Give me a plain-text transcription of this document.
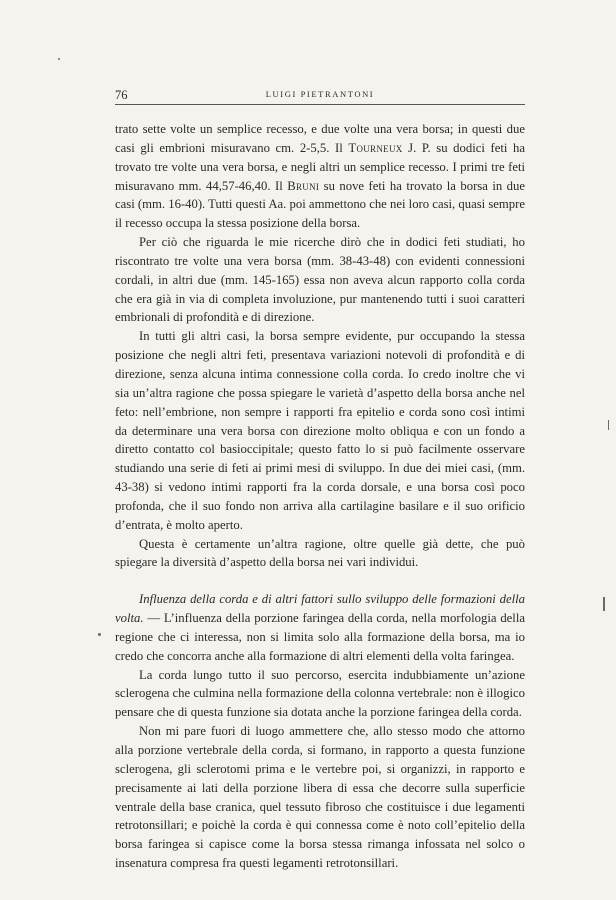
76	LUIGI PIETRANTONI

trato sette volte un semplice recesso, e due volte una vera borsa; in questi due casi gli embrioni misuravano cm. 2-5,5. Il Tourneux J. P. su dodici feti ha trovato tre volte una vera borsa, e negli altri un semplice recesso. I primi tre feti misuravano mm. 44,57-46,40. Il Bruni su nove feti ha trovato la borsa in due casi (mm. 16-40). Tutti questi Aa. poi ammettono che nei loro casi, quasi sempre il recesso occupa la stessa posizione della borsa.

Per ciò che riguarda le mie ricerche dirò che in dodici feti studiati, ho riscontrato tre volte una vera borsa (mm. 38-43-48) con evidenti connessioni cordali, in altri due (mm. 145-165) essa non aveva alcun rapporto colla corda che era già in via di completa involuzione, pur mantenendo tutti i suoi caratteri embrionali di profondità e di direzione.

In tutti gli altri casi, la borsa sempre evidente, pur occupando la stessa posizione che negli altri feti, presentava variazioni notevoli di profondità e di direzione, senza alcuna intima connessione colla corda. Io credo inoltre che vi sia un’altra ragione che possa spiegare le varietà d’aspetto della borsa anche nel feto: nell’embrione, non sempre i rapporti fra epitelio e corda sono così intimi da determinare una vera borsa con direzione molto obliqua e con un fondo a diretto contatto col basioccipitale; questo fatto lo si può facilmente osservare studiando una serie di feti ai primi mesi di sviluppo. In due dei miei casi, (mm. 43-38) si vedono intimi rapporti fra la corda dorsale, e una borsa così poco profonda, che il suo fondo non arriva alla cartilagine basilare e il suo orificio d’entrata, è molto aperto.

Questa è certamente un’altra ragione, oltre quelle già dette, che può spiegare la diversità d’aspetto della borsa nei vari individui.

Influenza della corda e di altri fattori sullo sviluppo delle formazioni della volta. — L’influenza della porzione faringea della corda, nella morfologia della regione che ci interessa, non si limita solo alla formazione della borsa, ma io credo che concorra anche alla formazione di altri elementi della volta faringea.

La corda lungo tutto il suo percorso, esercita indubbiamente un’azione sclerogena che culmina nella formazione della colonna vertebrale: non è illogico pensare che di questa funzione sia dotata anche la porzione faringea della corda.

Non mi pare fuori di luogo ammettere che, allo stesso modo che attorno alla porzione vertebrale della corda, si formano, in rapporto a questa funzione sclerogena, gli sclerotomi prima e le vertebre poi, si organizzi, in rapporto e precisamente ai lati della porzione libera di essa che decorre sulla superficie ventrale della base cranica, quel tessuto fibroso che costituisce i due legamenti retrotonsillari; e poichè la corda è qui connessa come è noto coll’epitelio della borsa faringea si capisce come la borsa stessa rimanga infossata nel solco o insenatura compresa fra questi legamenti retrotonsillari.
